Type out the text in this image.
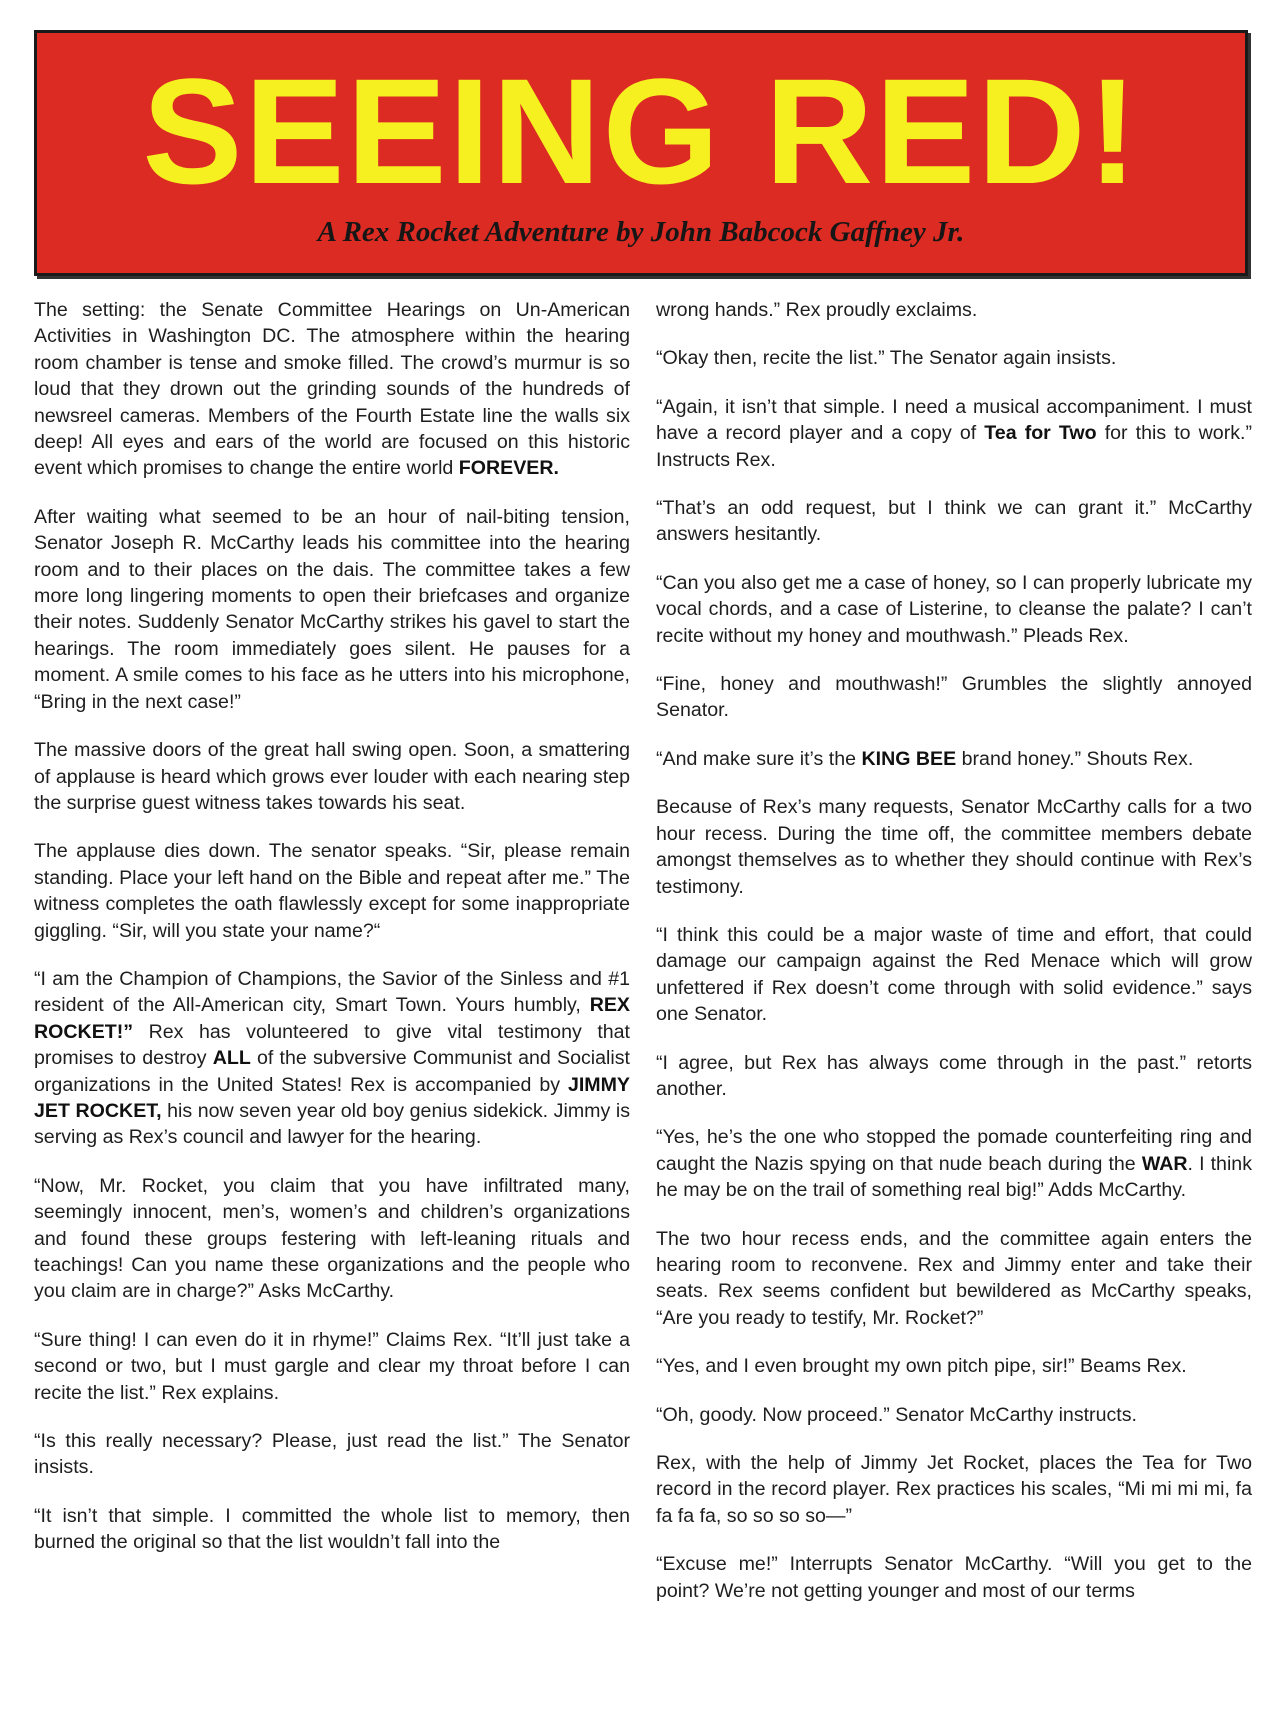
SEEING RED!
A Rex Rocket Adventure by John Babcock Gaffney Jr.

The setting: the Senate Committee Hearings on Un-American Activities in Washington DC. The atmosphere within the hearing room chamber is tense and smoke filled. The crowd’s murmur is so loud that they drown out the grinding sounds of the hundreds of newsreel cameras. Members of the Fourth Estate line the walls six deep! All eyes and ears of the world are focused on this historic event which promises to change the entire world FOREVER.

After waiting what seemed to be an hour of nail-biting tension, Senator Joseph R. McCarthy leads his committee into the hearing room and to their places on the dais. The committee takes a few more long lingering moments to open their briefcases and organize their notes. Suddenly Senator McCarthy strikes his gavel to start the hearings. The room immediately goes silent. He pauses for a moment. A smile comes to his face as he utters into his microphone, “Bring in the next case!”

The massive doors of the great hall swing open. Soon, a smattering of applause is heard which grows ever louder with each nearing step the surprise guest witness takes towards his seat.

The applause dies down. The senator speaks. “Sir, please remain standing. Place your left hand on the Bible and repeat after me.” The witness completes the oath flawlessly except for some inappropriate giggling. “Sir, will you state your name?“

“I am the Champion of Champions, the Savior of the Sinless and #1 resident of the All-American city, Smart Town. Yours humbly, REX ROCKET!” Rex has volunteered to give vital testimony that promises to destroy ALL of the subversive Communist and Socialist organizations in the United States! Rex is accompanied by JIMMY JET ROCKET, his now seven year old boy genius sidekick. Jimmy is serving as Rex’s council and lawyer for the hearing.

“Now, Mr. Rocket, you claim that you have infiltrated many, seemingly innocent, men’s, women’s and children’s organizations and found these groups festering with left-leaning rituals and teachings! Can you name these organizations and the people who you claim are in charge?” Asks McCarthy.

“Sure thing! I can even do it in rhyme!” Claims Rex. “It’ll just take a second or two, but I must gargle and clear my throat before I can recite the list.” Rex explains.

“Is this really necessary? Please, just read the list.” The Senator insists.

“It isn’t that simple. I committed the whole list to memory, then burned the original so that the list wouldn’t fall into the

wrong hands.” Rex proudly exclaims.

“Okay then, recite the list.” The Senator again insists.

“Again, it isn’t that simple. I need a musical accompaniment. I must have a record player and a copy of Tea for Two for this to work.” Instructs Rex.

“That’s an odd request, but I think we can grant it.” McCarthy answers hesitantly.

“Can you also get me a case of honey, so I can properly lubricate my vocal chords, and a case of Listerine, to cleanse the palate? I can’t recite without my honey and mouthwash.” Pleads Rex.

“Fine, honey and mouthwash!” Grumbles the slightly annoyed Senator.

“And make sure it’s the KING BEE brand honey.” Shouts Rex.

Because of Rex’s many requests, Senator McCarthy calls for a two hour recess. During the time off, the committee members debate amongst themselves as to whether they should continue with Rex’s testimony.

“I think this could be a major waste of time and effort, that could damage our campaign against the Red Menace which will grow unfettered if Rex doesn’t come through with solid evidence.” says one Senator.

“I agree, but Rex has always come through in the past.” retorts another.

“Yes, he’s the one who stopped the pomade counterfeiting ring and caught the Nazis spying on that nude beach during the WAR. I think he may be on the trail of something real big!” Adds McCarthy.

The two hour recess ends, and the committee again enters the hearing room to reconvene. Rex and Jimmy enter and take their seats. Rex seems confident but bewildered as McCarthy speaks, “Are you ready to testify, Mr. Rocket?”

“Yes, and I even brought my own pitch pipe, sir!” Beams Rex.

“Oh, goody. Now proceed.” Senator McCarthy instructs.

Rex, with the help of Jimmy Jet Rocket, places the Tea for Two record in the record player. Rex practices his scales, “Mi mi mi mi, fa fa fa fa, so so so so—”

“Excuse me!” Interrupts Senator McCarthy. “Will you get to the point? We’re not getting younger and most of our terms
